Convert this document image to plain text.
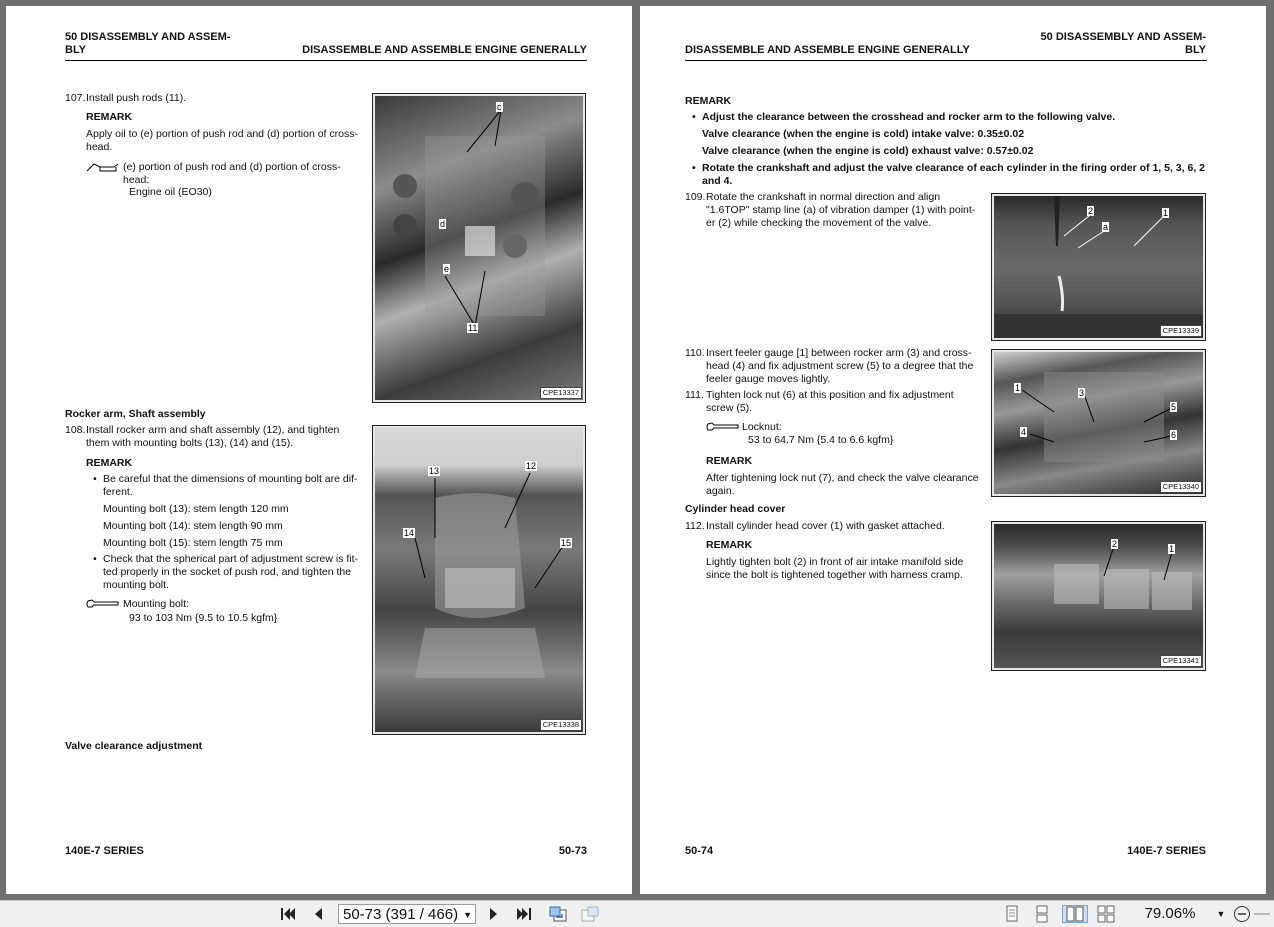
50 DISASSEMBLY AND ASSEM-
BLY	DISASSEMBLE AND ASSEMBLE ENGINE GENERALLY
107. Install push rods (11).
REMARK
Apply oil to (e) portion of push rod and (d) portion of cross-
head.
(e) portion of push rod and (d) portion of cross-
head:
Engine oil (EO30)
c
d
e
11
CPE13337
Rocker arm, Shaft assembly
108. Install rocker arm and shaft assembly (12), and tighten
them with mounting bolts (13), (14) and (15).
REMARK
• Be careful that the dimensions of mounting bolt are dif-
ferent.
Mounting bolt (13): stem length 120 mm
Mounting bolt (14): stem length 90 mm
Mounting bolt (15): stem length 75 mm
• Check that the spherical part of adjustment screw is fit-
ted properly in the socket of push rod, and tighten the
mounting bolt.
Mounting bolt:
93 to 103 Nm {9.5 to 10.5 kgfm}
13	12
14
15
CPE13338
Valve clearance adjustment
140E-7 SERIES	50-73
DISASSEMBLE AND ASSEMBLE ENGINE GENERALLY
50 DISASSEMBLY AND ASSEM-
BLY
REMARK
• Adjust the clearance between the crosshead and rocker arm to the following valve.
Valve clearance (when the engine is cold) intake valve: 0.35±0.02
Valve clearance (when the engine is cold) exhaust valve: 0.57±0.02
• Rotate the crankshaft and adjust the valve clearance of each cylinder in the firing order of 1, 5, 3, 6, 2
and 4.
109. Rotate the crankshaft in normal direction and align
"1.6TOP" stamp line (a) of vibration damper (1) with point-
er (2) while checking the movement of the valve.
2
a
1
CPE13339
110. Insert feeler gauge [1] between rocker arm (3) and cross-
head (4) and fix adjustment screw (5) to a degree that the
feeler gauge moves lightly.
111. Tighten lock nut (6) at this position and fix adjustment
screw (5).
Locknut:
53 to 64.7 Nm {5.4 to 6.6 kgfm}
REMARK
After tightening lock nut (7), and check the valve clearance
again.
1	3
5
4	6
CPE13340
Cylinder head cover
112. Install cylinder head cover (1) with gasket attached.
REMARK
Lightly tighten bolt (2) in front of air intake manifold side
since the bolt is tightened together with harness cramp.
2	1
CPE13341
50-74	140E-7 SERIES
50-73 (391 / 466) ▼	79.06%	▼
